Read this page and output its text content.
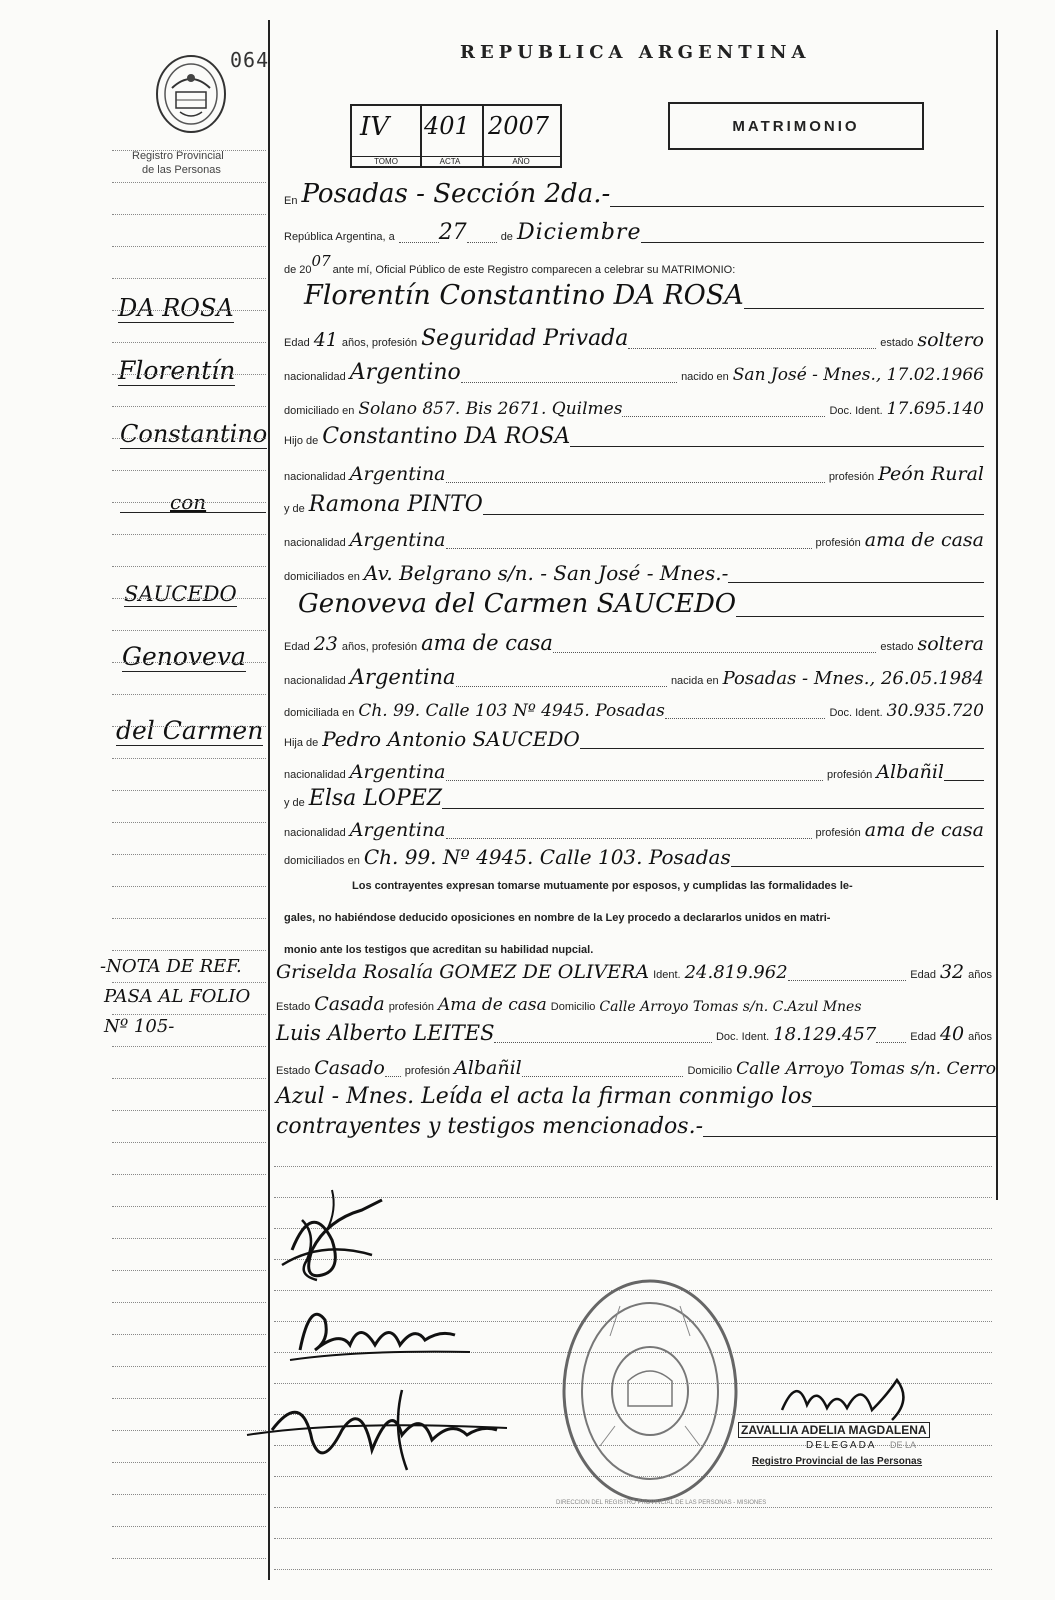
064
Registro Provincial
de las Personas
REPUBLICA ARGENTINA
IV
TOMO
401
ACTA
2007
AÑO
MATRIMONIO
En Posadas - Sección 2da.-
República Argentina, a 27	de Diciembre
de 20 07 ante mí, Oficial Público de este Registro comparecen a celebrar su MATRIMONIO:
Florentín Constantino DA ROSA
Edad 41 años, profesión Seguridad Privada	estado soltero
nacionalidad Argentino	nacido en San José - Mnes., 17.02.1966
domiciliado en Solano 857. Bis 2671. Quilmes	Doc. Ident. 17.695.140
Hijo de Constantino DA ROSA
nacionalidad Argentina	profesión Peón Rural
y de Ramona PINTO
nacionalidad Argentina	profesión ama de casa
domiciliados en Av. Belgrano s/n. - San José - Mnes.-
Genoveva del Carmen SAUCEDO
Edad 23 años, profesión ama de casa	estado soltera
nacionalidad Argentina	nacida en Posadas - Mnes., 26.05.1984
domiciliada en Ch. 99. Calle 103 Nº 4945. Posadas	Doc. Ident. 30.935.720
Hija de Pedro Antonio SAUCEDO
nacionalidad Argentina	profesión Albañil
y de Elsa LOPEZ
nacionalidad Argentina	profesión ama de casa
domiciliados en Ch. 99. Nº 4945. Calle 103. Posadas
Los contrayentes expresan tomarse mutuamente por esposos, y cumplidas las formalidades le-
gales, no habiéndose deducido oposiciones en nombre de la Ley procedo a declararlos unidos en matri-
monio ante los testigos que acreditan su habilidad nupcial.
Griselda Rosalía GOMEZ DE OLIVERA Ident. 24.819.962	Edad 32 años
Estado Casada profesión Ama de casa Domicilio Calle Arroyo Tomas s/n. C.Azul Mnes
Luis Alberto LEITES	Doc. Ident. 18.129.457	Edad 40 años
Estado Casado profesión Albañil	Domicilio Calle Arroyo Tomas s/n. Cerro
Azul - Mnes. Leída el acta la firman conmigo los
contrayentes y testigos mencionados.-
DA ROSA
Florentín
Constantino
con
SAUCEDO
Genoveva
del Carmen
-NOTA DE REF.
PASA AL FOLIO
Nº 105-
DIRECCION DEL REGISTRO PROVINCIAL DE LAS PERSONAS - MISIONES
ZAVALLIA ADELIA MAGDALENA
DELEGADA DE LA
Registro Provincial de las Personas
